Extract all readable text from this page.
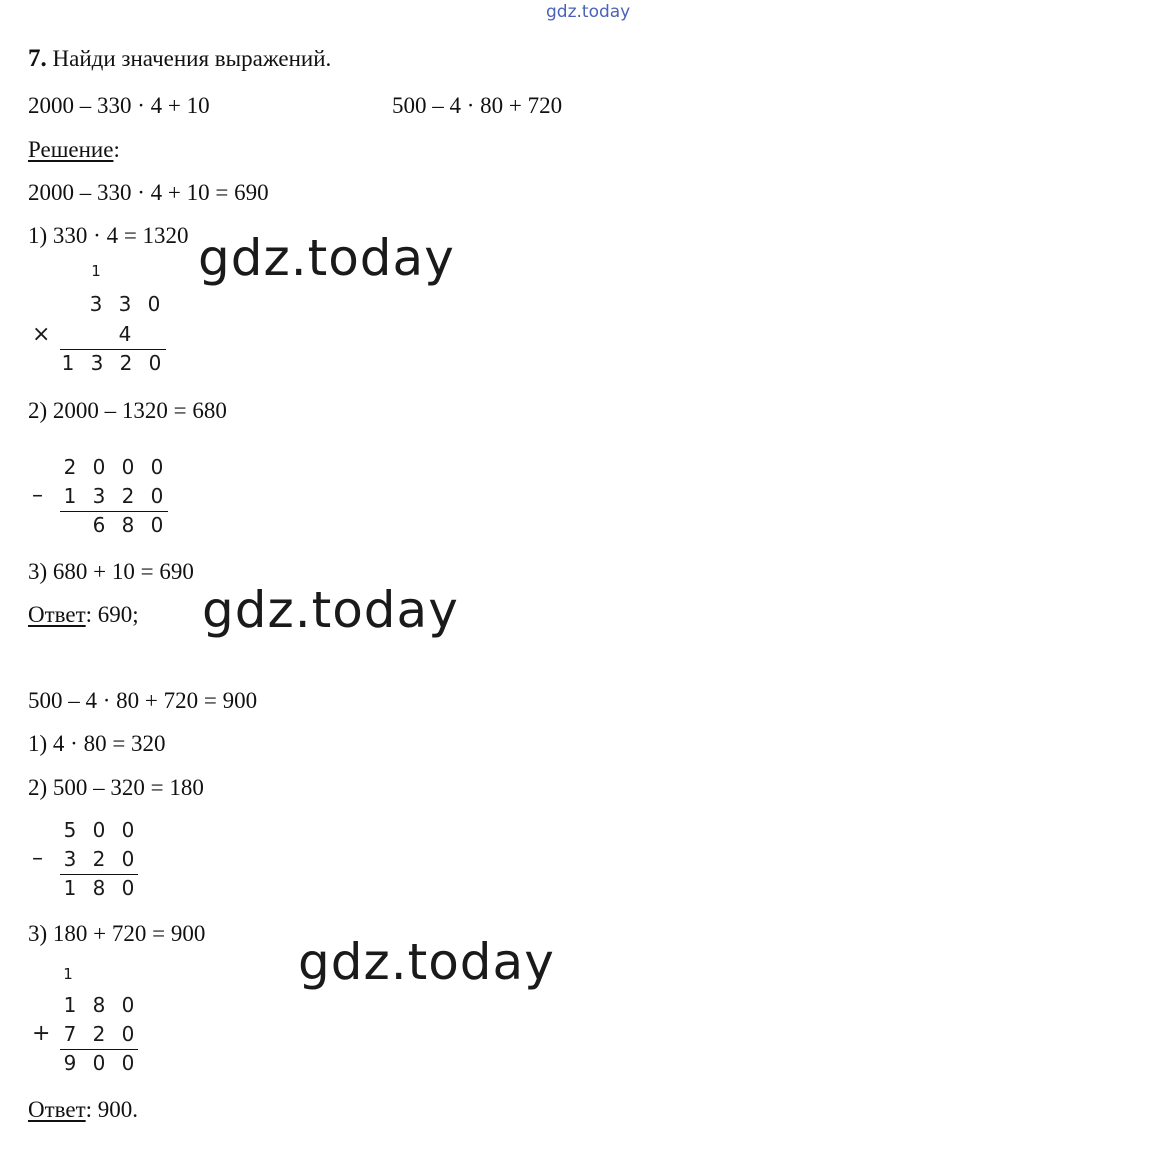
gdz.today
7. Найди значения выражений.
2000 – 330 · 4 + 10	500 – 4 · 80 + 720
Решение:
2000 – 330 · 4 + 10 = 690
1) 330 · 4 = 1320
1
3 3 0
×	4
1 3 2 0
2) 2000 – 1320 = 680
2 0 0 0
– 1 3 2 0
6 8 0
3) 680 + 10 = 690
Ответ: 690;
500 – 4 · 80 + 720 = 900
1) 4 · 80 = 320
2) 500 – 320 = 180
5 0 0
– 3 2 0
1 8 0
3) 180 + 720 = 900
1
1 8 0
+ 7 2 0
9 0 0
Ответ: 900.
gdz.today
gdz.today
gdz.today
